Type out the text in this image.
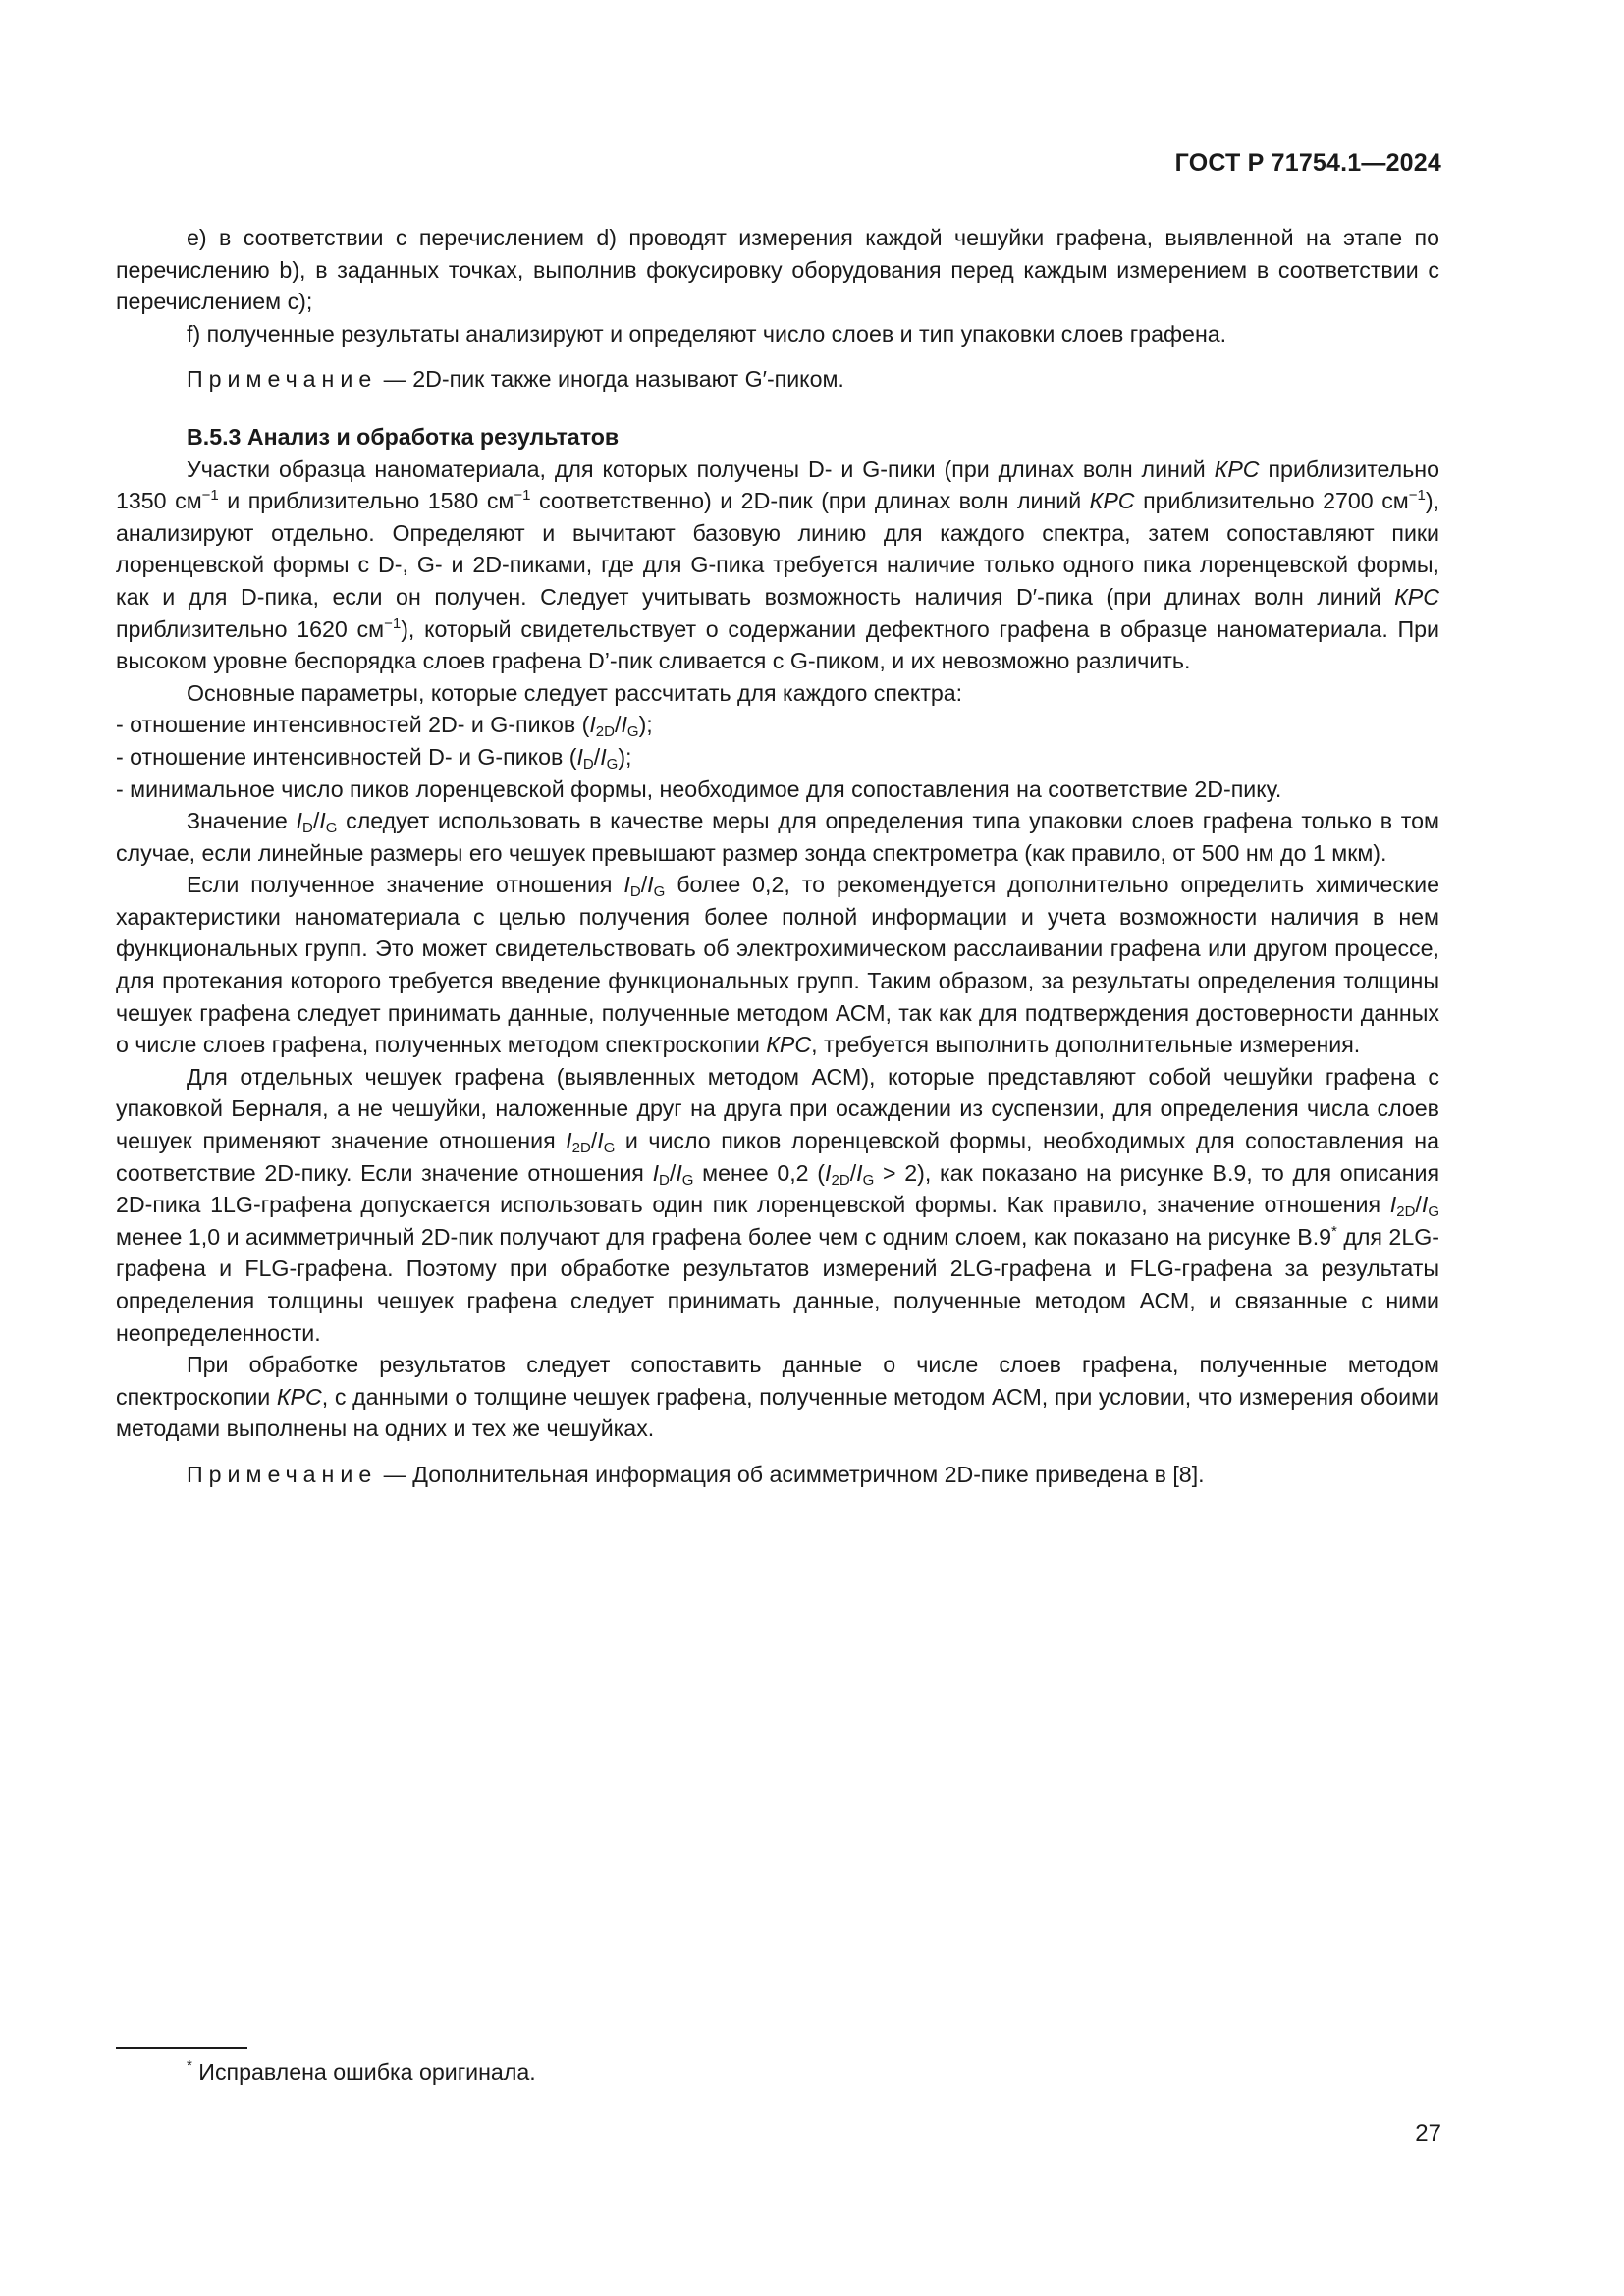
ГОСТ Р 71754.1—2024

e) в соответствии с перечислением d) проводят измерения каждой чешуйки графена, выявленной на этапе по перечислению b), в заданных точках, выполнив фокусировку оборудования перед каждым измерением в соответствии с перечислением c);

f) полученные результаты анализируют и определяют число слоев и тип упаковки слоев графена.

Примечание — 2D-пик также иногда называют G′-пиком.

B.5.3 Анализ и обработка результатов

Участки образца наноматериала, для которых получены D- и G-пики (при длинах волн линий КРС приблизительно 1350 $см^{-1}$ и приблизительно 1580 $см^{-1}$ соответственно) и 2D-пик (при длинах волн линий КРС приблизительно 2700 $см^{-1}$), анализируют отдельно. Определяют и вычитают базовую линию для каждого спектра, затем сопоставляют пики лоренцевской формы с D-, G- и 2D-пиками, где для G-пика требуется наличие только одного пика лоренцевской формы, как и для D-пика, если он получен. Следует учитывать возможность наличия D′-пика (при длинах волн линий КРС приблизительно 1620 $см^{-1}$), который свидетельствует о содержании дефектного графена в образце наноматериала. При высоком уровне беспорядка слоев графена D’-пик сливается с G-пиком, и их невозможно различить.

Основные параметры, которые следует рассчитать для каждого спектра:

- отношение интенсивностей 2D- и G-пиков $(I_{2D}/I_G)$;

- отношение интенсивностей D- и G-пиков $(I_D/I_G)$;

- минимальное число пиков лоренцевской формы, необходимое для сопоставления на соответствие 2D-пику.

Значение $I_D/I_G$ следует использовать в качестве меры для определения типа упаковки слоев графена только в том случае, если линейные размеры его чешуек превышают размер зонда спектрометра (как правило, от 500 нм до 1 мкм).

Если полученное значение отношения $I_D/I_G$ более 0,2, то рекомендуется дополнительно определить химические характеристики наноматериала с целью получения более полной информации и учета возможности наличия в нем функциональных групп. Это может свидетельствовать об электрохимическом расслаивании графена или другом процессе, для протекания которого требуется введение функциональных групп. Таким образом, за результаты определения толщины чешуек графена следует принимать данные, полученные методом АСМ, так как для подтверждения достоверности данных о числе слоев графена, полученных методом спектроскопии КРС, требуется выполнить дополнительные измерения.

Для отдельных чешуек графена (выявленных методом АСМ), которые представляют собой чешуйки графена с упаковкой Берналя, а не чешуйки, наложенные друг на друга при осаждении из суспензии, для определения числа слоев чешуек применяют значение отношения $I_{2D}/I_G$ и число пиков лоренцевской формы, необходимых для сопоставления на соответствие 2D-пику. Если значение отношения $I_D/I_G$ менее 0,2 $(I_{2D}/I_G > 2)$, как показано на рисунке B.9, то для описания 2D-пика 1LG-графена допускается использовать один пик лоренцевской формы. Как правило, значение отношения $I_{2D}/I_G$ менее 1,0 и асимметричный 2D-пик получают для графена более чем с одним слоем, как показано на рисунке B.9* для 2LG-графена и FLG-графена. Поэтому при обработке результатов измерений 2LG-графена и FLG-графена за результаты определения толщины чешуек графена следует принимать данные, полученные методом АСМ, и связанные с ними неопределенности.

При обработке результатов следует сопоставить данные о числе слоев графена, полученные методом спектроскопии КРС, с данными о толщине чешуек графена, полученные методом АСМ, при условии, что измерения обоими методами выполнены на одних и тех же чешуйках.

Примечание — Дополнительная информация об асимметричном 2D-пике приведена в [8].

* Исправлена ошибка оригинала.
27
